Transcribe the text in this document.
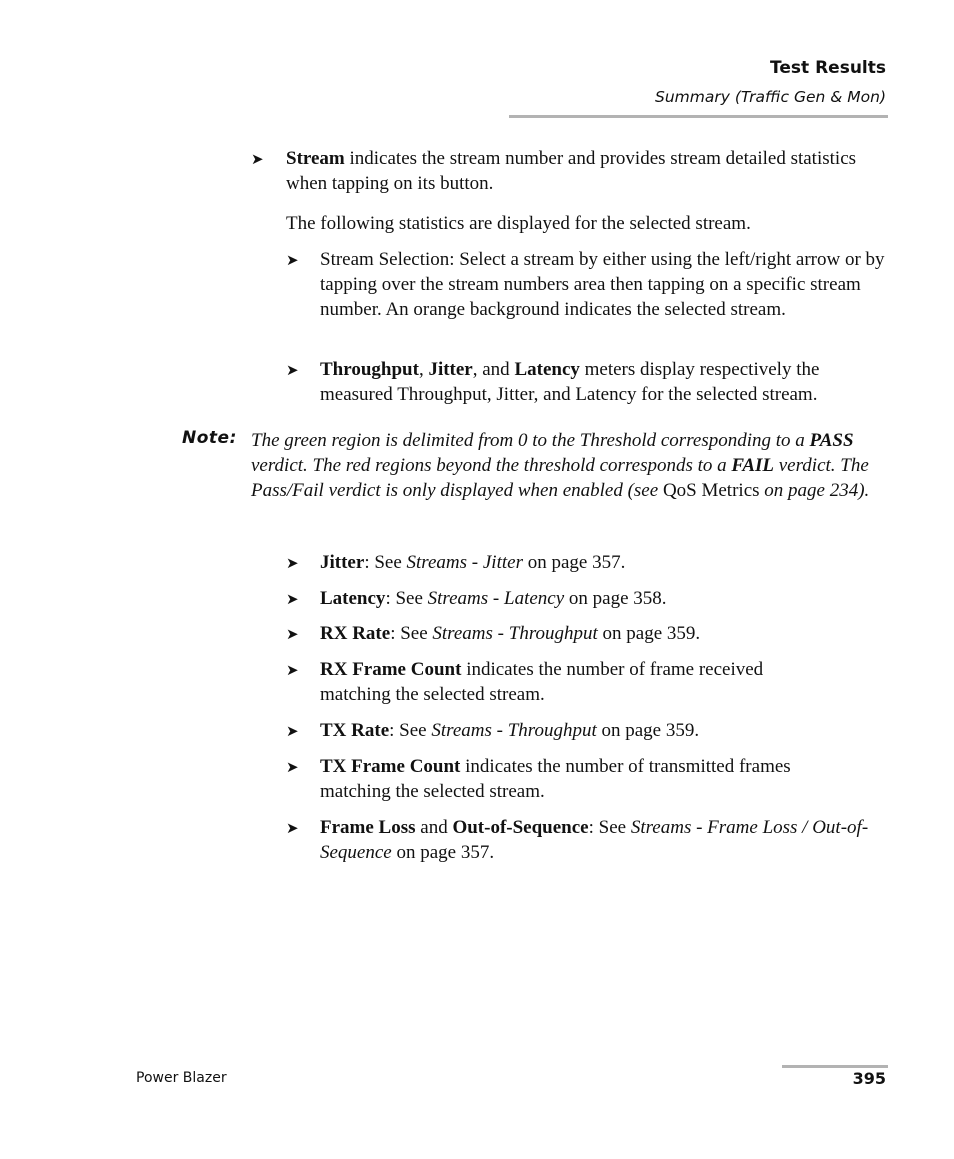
Test Results
Summary (Traffic Gen & Mon)
➤ Stream indicates the stream number and provides stream detailed statistics when tapping on its button.
The following statistics are displayed for the selected stream.
➤ Stream Selection: Select a stream by either using the left/right arrow or by tapping over the stream numbers area then tapping on a specific stream number. An orange background indicates the selected stream.
➤ Throughput, Jitter, and Latency meters display respectively the measured Throughput, Jitter, and Latency for the selected stream.
Note: The green region is delimited from 0 to the Threshold corresponding to a PASS verdict. The red regions beyond the threshold corresponds to a FAIL verdict. The Pass/Fail verdict is only displayed when enabled (see QoS Metrics on page 234).
➤ Jitter: See Streams - Jitter on page 357.
➤ Latency: See Streams - Latency on page 358.
➤ RX Rate: See Streams - Throughput on page 359.
➤ RX Frame Count indicates the number of frame received matching the selected stream.
➤ TX Rate: See Streams - Throughput on page 359.
➤ TX Frame Count indicates the number of transmitted frames matching the selected stream.
➤ Frame Loss and Out-of-Sequence: See Streams - Frame Loss / Out-of-Sequence on page 357.
Power Blazer	395
